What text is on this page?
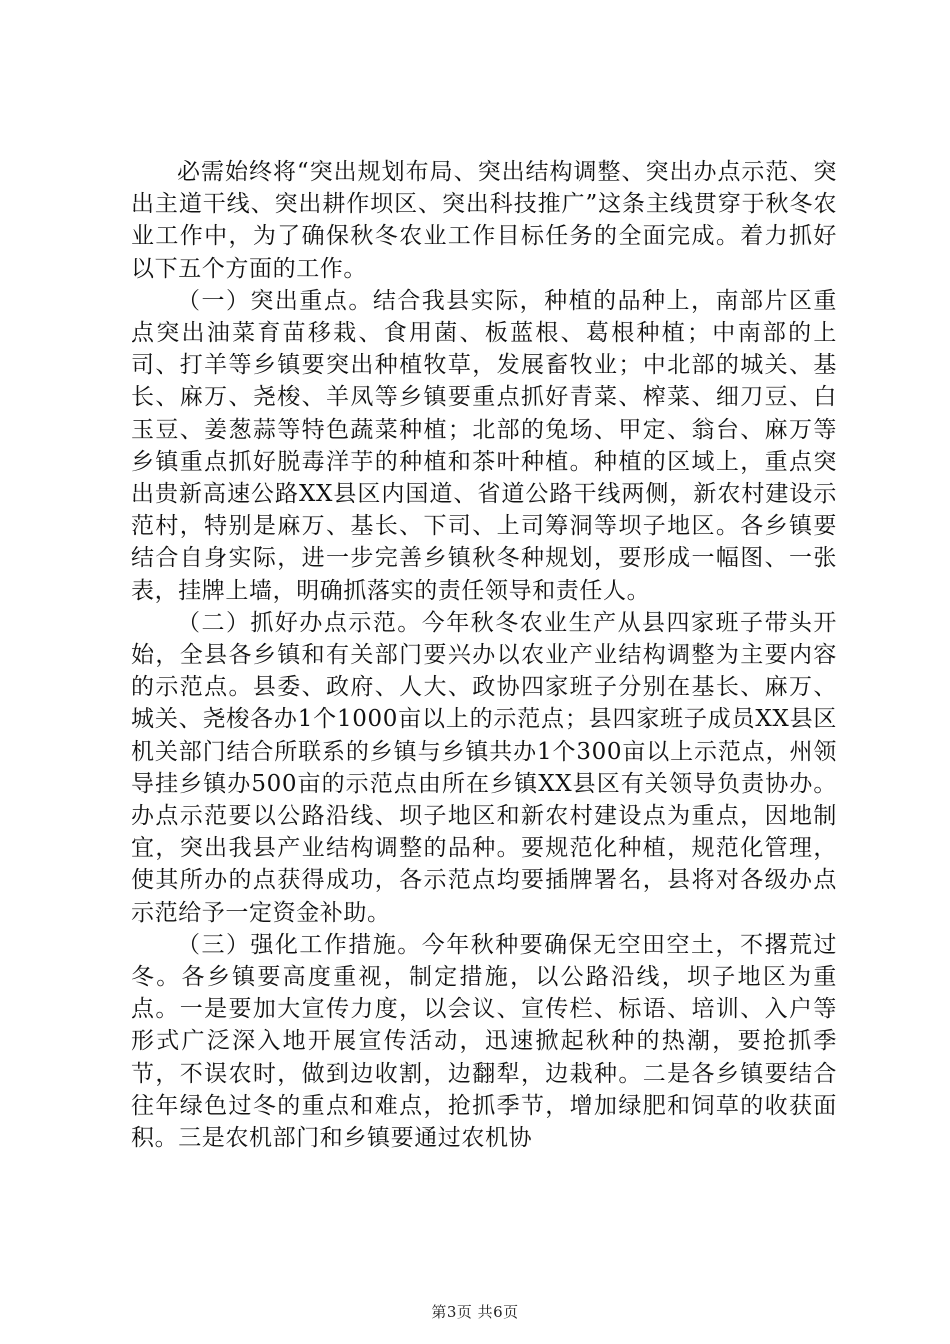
必需始终将“突出规划布局、突出结构调整、突出办点示范、突出主道干线、突出耕作坝区、突出科技推广”这条主线贯穿于秋冬农业工作中，为了确保秋冬农业工作目标任务的全面完成。着力抓好以下五个方面的工作。

（一）突出重点。结合我县实际，种植的品种上，南部片区重点突出油菜育苗移栽、食用菌、板蓝根、葛根种植；中南部的上司、打羊等乡镇要突出种植牧草，发展畜牧业；中北部的城关、基长、麻万、尧梭、羊凤等乡镇要重点抓好青菜、榨菜、细刀豆、白玉豆、姜葱蒜等特色蔬菜种植；北部的兔场、甲定、翁台、麻万等乡镇重点抓好脱毒洋芋的种植和茶叶种植。种植的区域上，重点突出贵新高速公路XX县区内国道、省道公路干线两侧，新农村建设示范村，特别是麻万、基长、下司、上司筹洞等坝子地区。各乡镇要结合自身实际，进一步完善乡镇秋冬种规划，要形成一幅图、一张表，挂牌上墙，明确抓落实的责任领导和责任人。

（二）抓好办点示范。今年秋冬农业生产从县四家班子带头开始，全县各乡镇和有关部门要兴办以农业产业结构调整为主要内容的示范点。县委、政府、人大、政协四家班子分别在基长、麻万、城关、尧梭各办1个1000亩以上的示范点；县四家班子成员XX县区机关部门结合所联系的乡镇与乡镇共办1个300亩以上示范点，州领导挂乡镇办500亩的示范点由所在乡镇XX县区有关领导负责协办。办点示范要以公路沿线、坝子地区和新农村建设点为重点，因地制宜，突出我县产业结构调整的品种。要规范化种植，规范化管理，使其所办的点获得成功，各示范点均要插牌署名，县将对各级办点示范给予一定资金补助。

（三）强化工作措施。今年秋种要确保无空田空土，不撂荒过冬。各乡镇要高度重视，制定措施，以公路沿线，坝子地区为重点。一是要加大宣传力度，以会议、宣传栏、标语、培训、入户等形式广泛深入地开展宣传活动，迅速掀起秋种的热潮，要抢抓季节，不误农时，做到边收割，边翻犁，边栽种。二是各乡镇要结合往年绿色过冬的重点和难点，抢抓季节，增加绿肥和饲草的收获面积。三是农机部门和乡镇要通过农机协

第3页 共6页
